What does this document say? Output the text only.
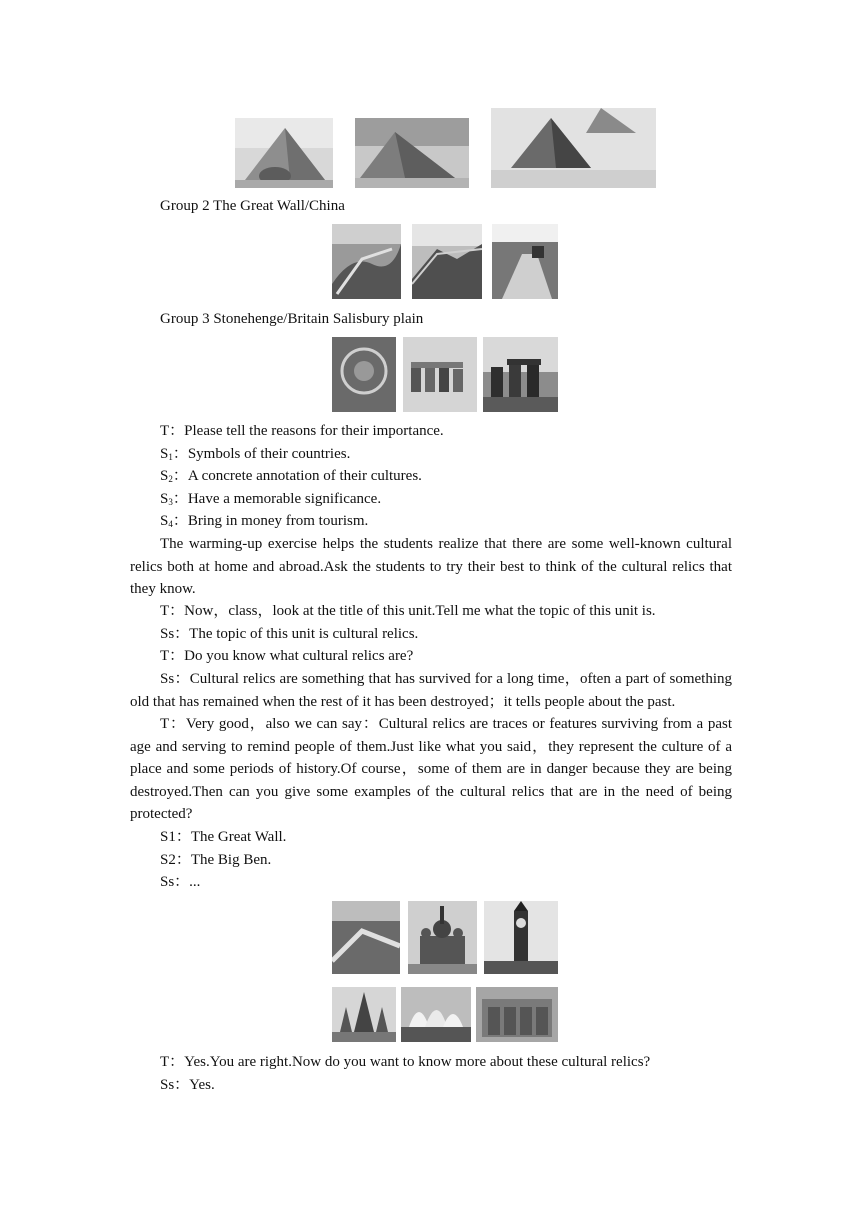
Group 2 The Great Wall/China
Group 3 Stonehenge/Britain Salisbury plain
T：Please tell the reasons for their importance.
$S_1$：Symbols of their countries.
$S_2$：A concrete annotation of their cultures.
$S_3$：Have a memorable significance.
$S_4$：Bring in money from tourism.
The warming-up exercise helps the students realize that there are some well-known cultural relics both at home and abroad.Ask the students to try their best to think of the cultural relics that they know.
T：Now，class，look at the title of this unit.Tell me what the topic of this unit is.
Ss：The topic of this unit is cultural relics.
T：Do you know what cultural relics are?
Ss：Cultural relics are something that has survived for a long time，often a part of something old that has remained when the rest of it has been destroyed；it tells people about the past.
T：Very good，also we can say：Cultural relics are traces or features surviving from a past age and serving to remind people of them.Just like what you said，they represent the culture of a place and some periods of history.Of course，some of them are in danger because they are being destroyed.Then can you give some examples of the cultural relics that are in the need of being protected?
S1：The Great Wall.
S2：The Big Ben.
Ss：...
T：Yes.You are right.Now do you want to know more about these cultural relics?
Ss：Yes.
